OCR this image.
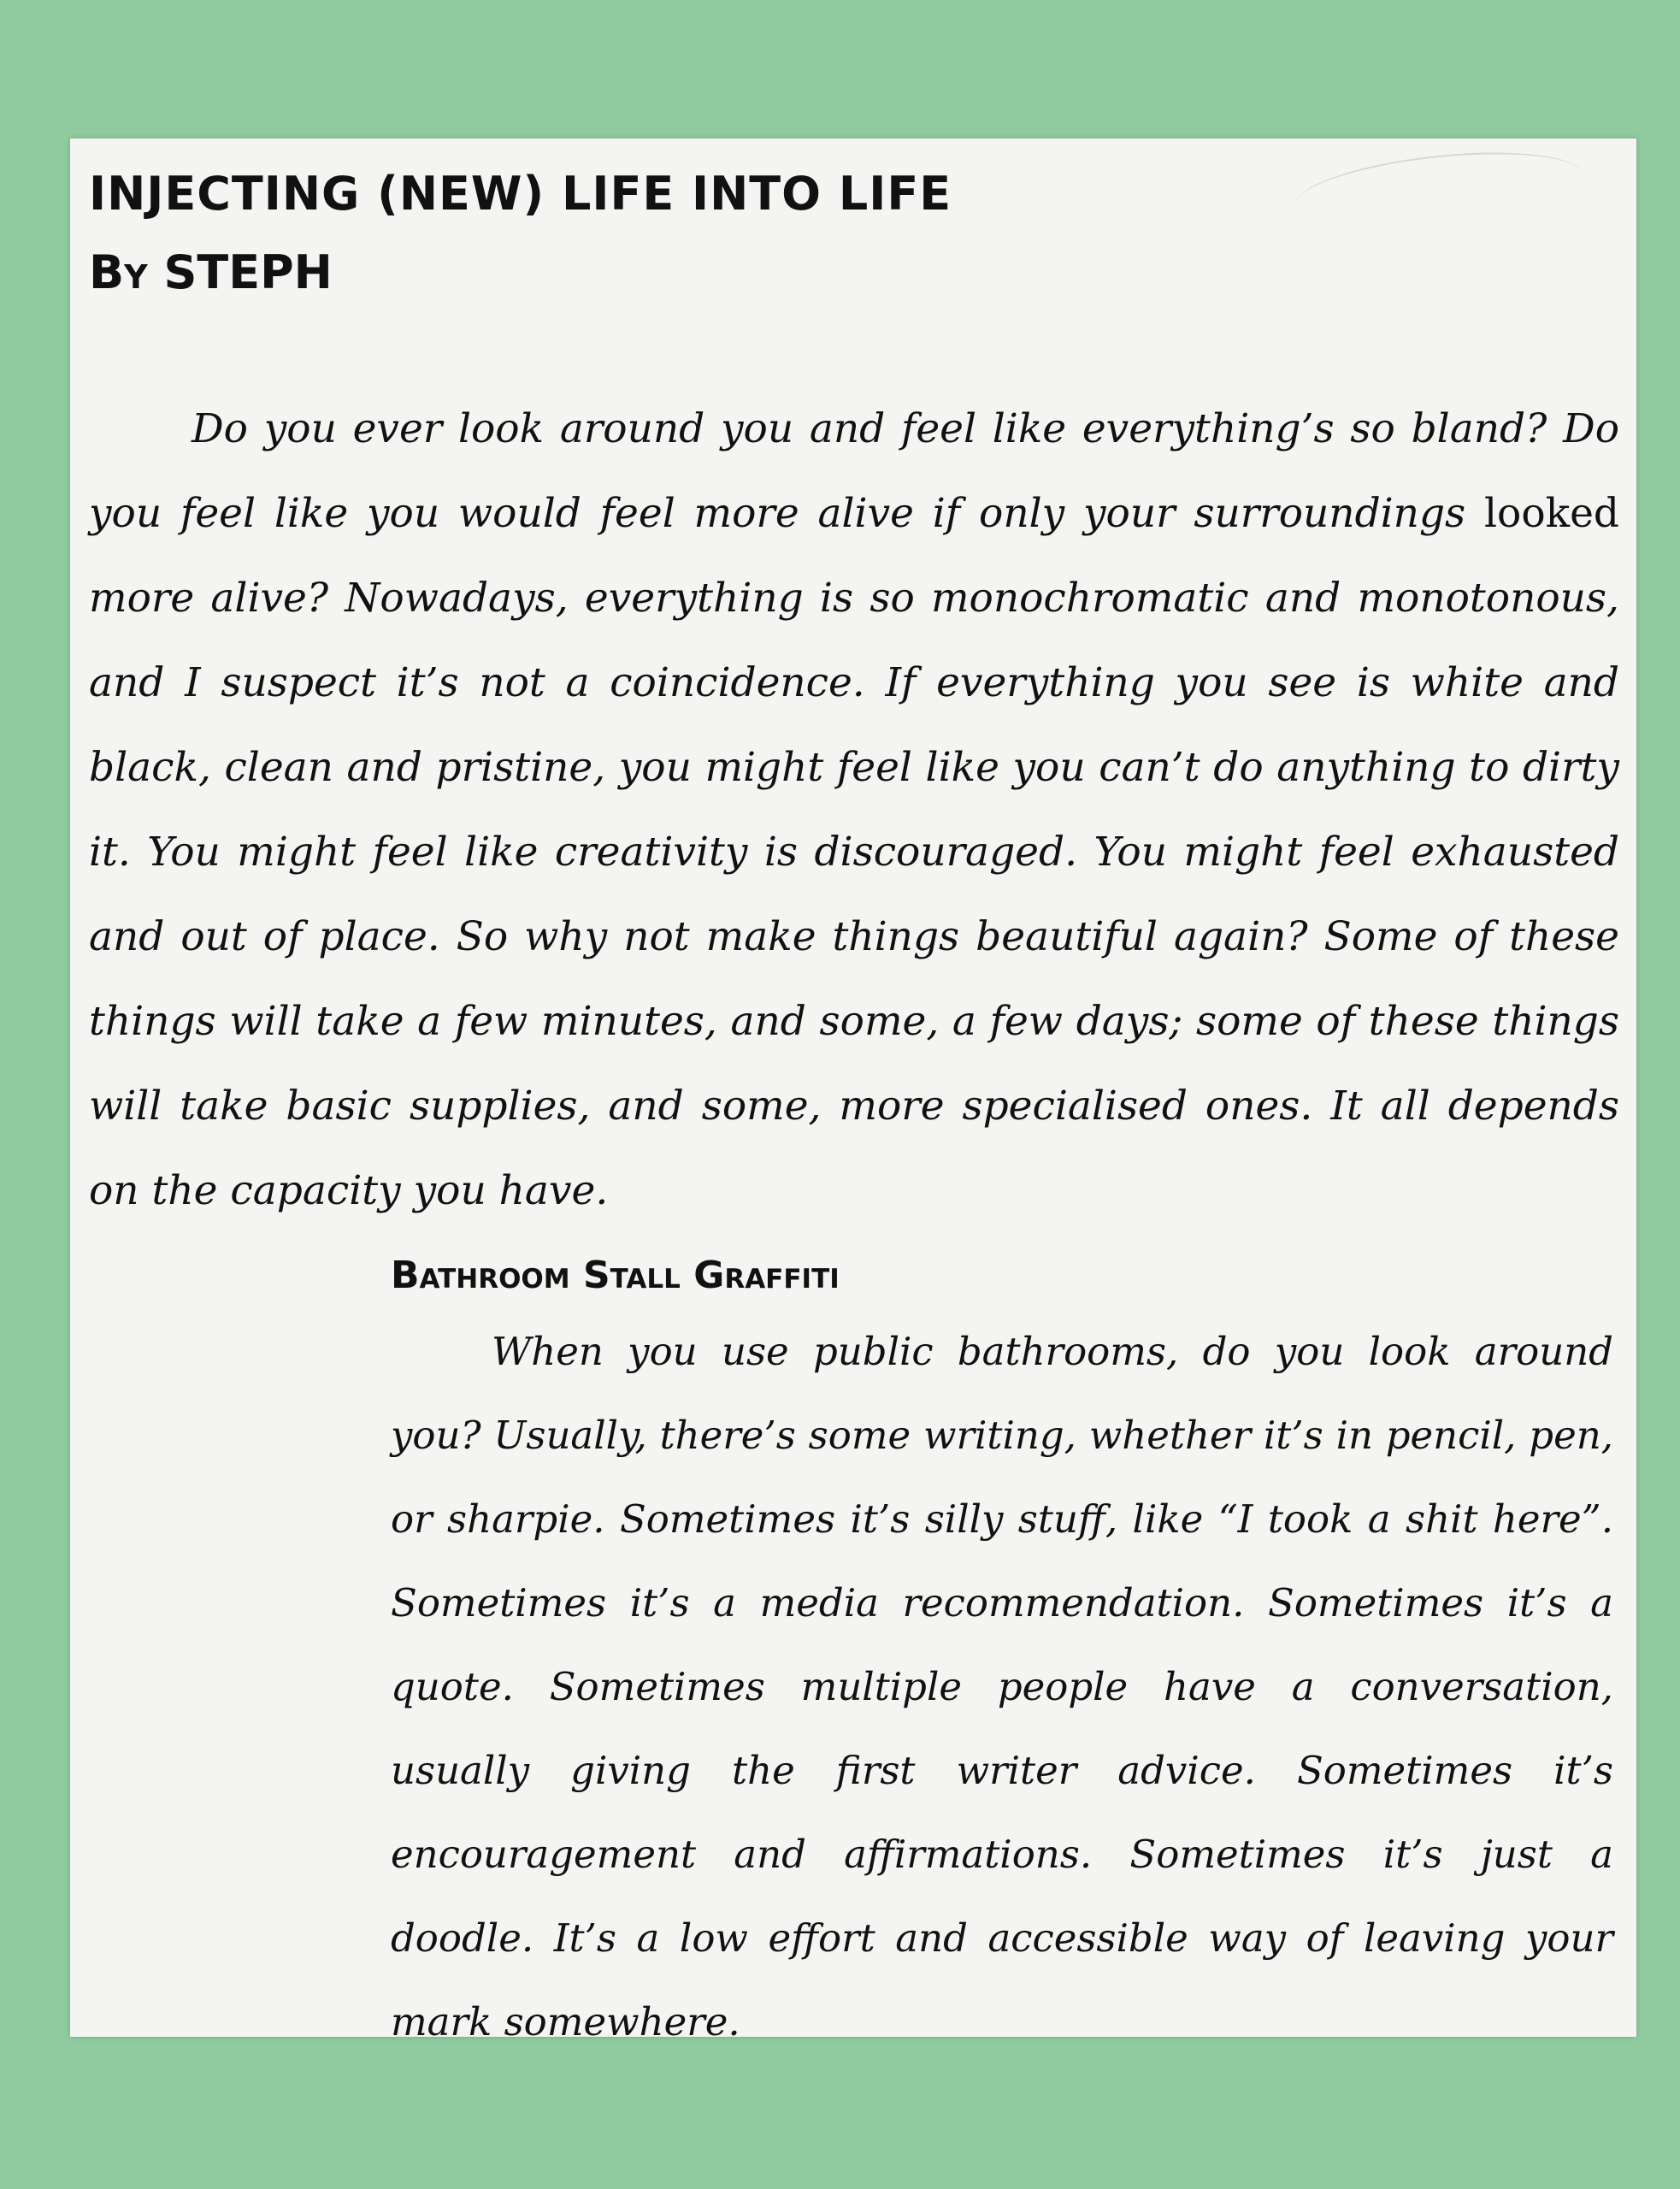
INJECTING (NEW) LIFE INTO LIFE
By STEPH

Do you ever look around you and feel like everything’s so bland? Do you feel like you would feel more alive if only your surroundings looked more alive? Nowadays, everything is so monochromatic and monotonous, and I suspect it’s not a coincidence. If everything you see is white and black, clean and pristine, you might feel like you can’t do anything to dirty it. You might feel like creativity is discouraged. You might feel exhausted and out of place. So why not make things beautiful again? Some of these things will take a few minutes, and some, a few days; some of these things will take basic supplies, and some, more specialised ones. It all depends on the capacity you have.

Bathroom Stall Graffiti

When you use public bathrooms, do you look around you? Usually, there’s some writing, whether it’s in pencil, pen, or sharpie. Sometimes it’s silly stuff, like “I took a shit here”. Sometimes it’s a media recommendation. Sometimes it’s a quote. Sometimes multiple people have a conversation, usually giving the first writer advice. Sometimes it’s encouragement and affirmations. Sometimes it’s just a doodle. It’s a low effort and accessible way of leaving your mark somewhere.
